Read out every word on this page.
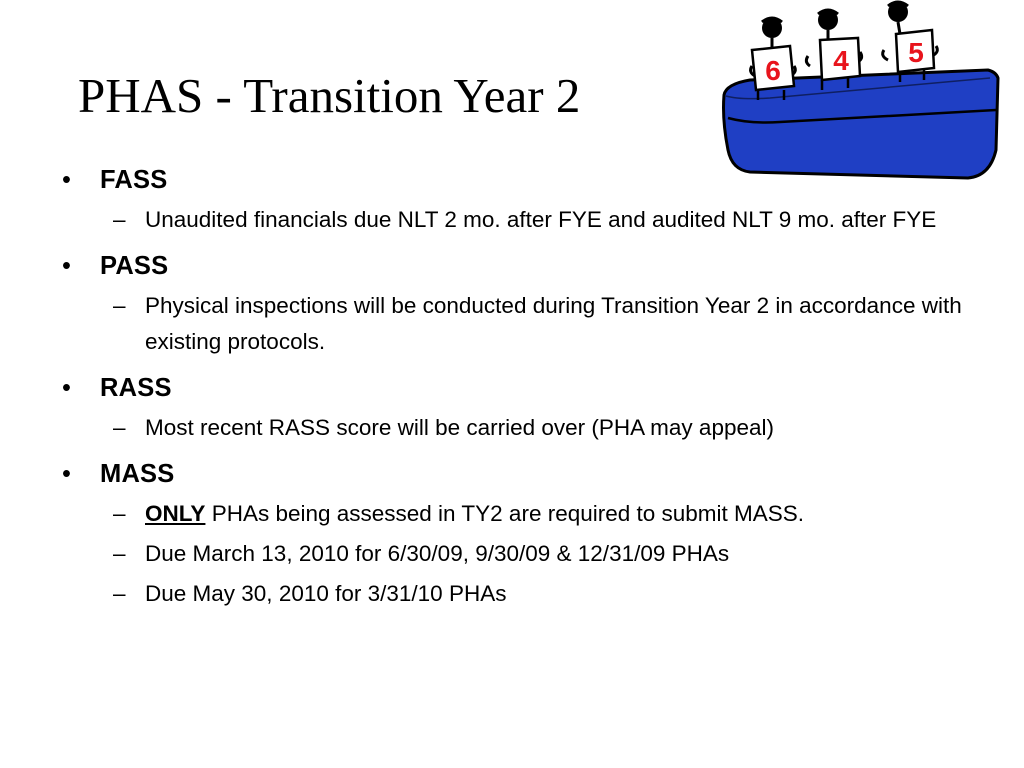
PHAS - Transition Year 2	6 4 5
• FASS
– Unaudited financials due NLT 2 mo. after FYE and audited NLT 9 mo. after FYE
• PASS
– Physical inspections will be conducted during Transition Year 2 in accordance with existing protocols.
• RASS
– Most recent RASS score will be carried over (PHA may appeal)
• MASS
– ONLY PHAs being assessed in TY2 are required to submit MASS.
– Due March 13, 2010 for 6/30/09, 9/30/09 & 12/31/09 PHAs
– Due May 30, 2010 for 3/31/10 PHAs
